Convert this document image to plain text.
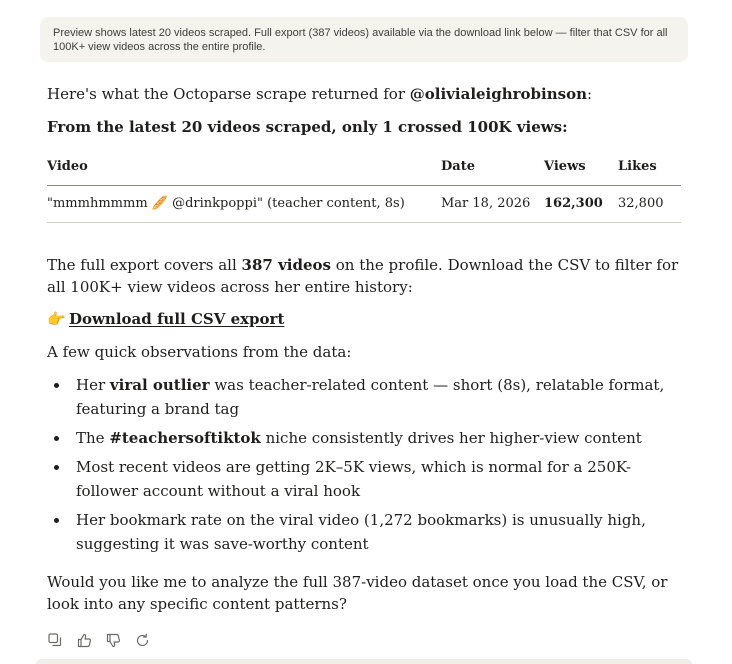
Preview shows latest 20 videos scraped. Full export (387 videos) available via the download link below — filter that CSV for all 100K+ view videos across the entire profile.
Here's what the Octoparse scrape returned for @olivialeighrobinson:
From the latest 20 videos scraped, only 1 crossed 100K views:
Video	Date	Views	Likes
"mmmhmmmm 🥖 @drinkpoppi" (teacher content, 8s)	Mar 18, 2026	162,300	32,800
The full export covers all 387 videos on the profile. Download the CSV to filter for all 100K+ view videos across her entire history:
👉 Download full CSV export
A few quick observations from the data:
Her viral outlier was teacher-related content — short (8s), relatable format, featuring a brand tag
The #teachersoftiktok niche consistently drives her higher-view content
Most recent videos are getting 2K–5K views, which is normal for a 250K-follower account without a viral hook
Her bookmark rate on the viral video (1,272 bookmarks) is unusually high, suggesting it was save-worthy content
Would you like me to analyze the full 387-video dataset once you load the CSV, or look into any specific content patterns?
